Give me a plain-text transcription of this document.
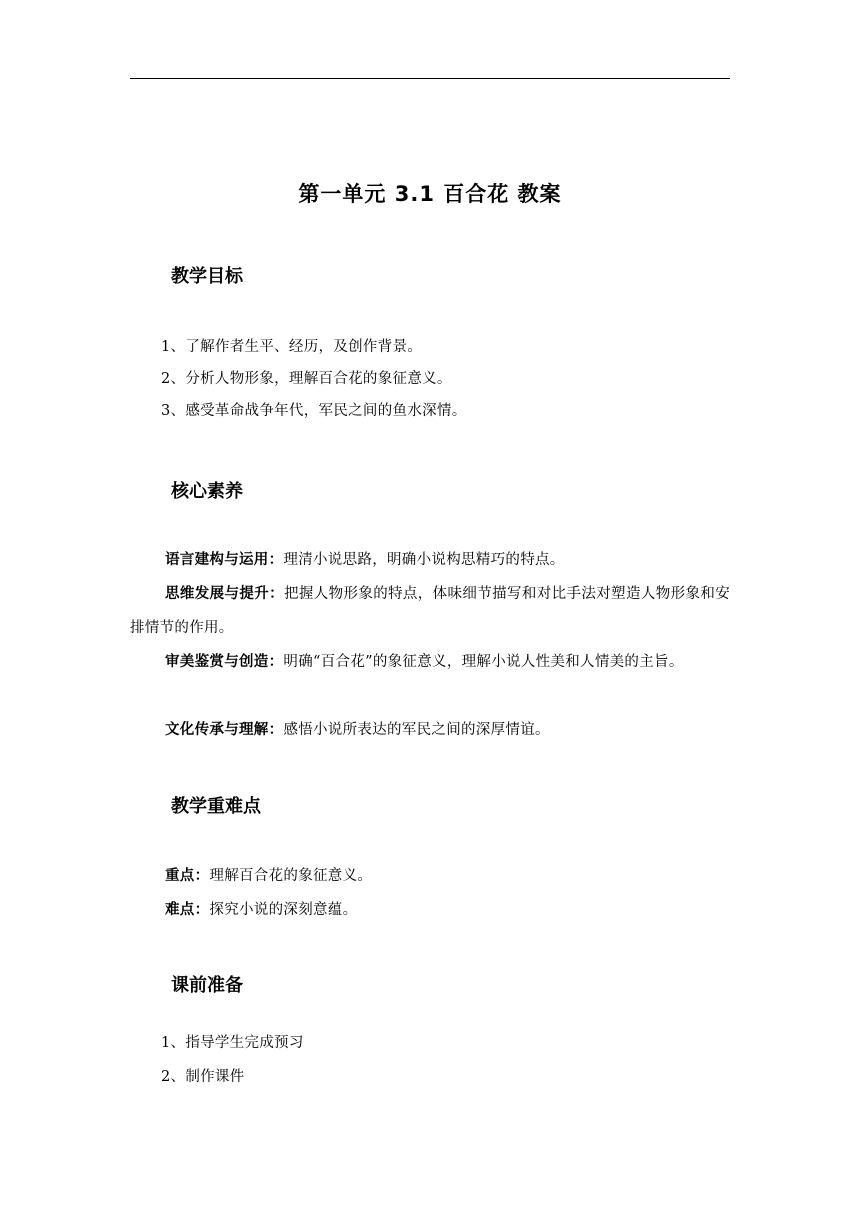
第一单元 3.1 百合花 教案
教学目标
1、了解作者生平、经历，及创作背景。
2、分析人物形象，理解百合花的象征意义。
3、感受革命战争年代，军民之间的鱼水深情。
核心素养
语言建构与运用：理清小说思路，明确小说构思精巧的特点。
思维发展与提升：把握人物形象的特点，体味细节描写和对比手法对塑造人物形象和安排情节的作用。
审美鉴赏与创造：明确“百合花”的象征意义，理解小说人性美和人情美的主旨。
文化传承与理解：感悟小说所表达的军民之间的深厚情谊。
教学重难点
重点：理解百合花的象征意义。
难点：探究小说的深刻意蕴。
课前准备
1、指导学生完成预习
2、制作课件
